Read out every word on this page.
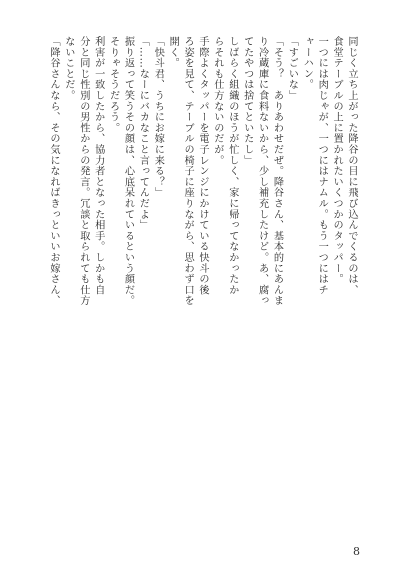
8
同じく立ち上がった降谷の目に飛び込んでくるのは、
食堂テーブルの上に置かれたいくつかのタッパー。
一つには肉じゃが、一つにはナムル。もう一つにはチ
ャーハン。
「すごいな」
「そう？　ありあわせだぜ。降谷さん、基本的にあんま
り冷蔵庫に食料ないから、少し補充したけど。あ、腐っ
てたやつは捨てといたし」
しばらく組織のほうが忙しく、家に帰ってなかったか
らそれも仕方ないのだが。
手際よくタッパーを電子レンジにかけている快斗の後
ろ姿を見て、テーブルの椅子に座りながら、思わず口を
開く。
「快斗君、うちにお嫁に来る？」
「……なーにバカなこと言ってんだよ」
振り返って笑うその顔は、心底呆れているという顔だ。
そりゃそうだろう。
利害が一致したから、協力者となった相手。しかも自
分と同じ性別の男性からの発言。冗談と取られても仕方
ないことだ。
「降谷さんなら、その気になればきっといいお嫁さん、
